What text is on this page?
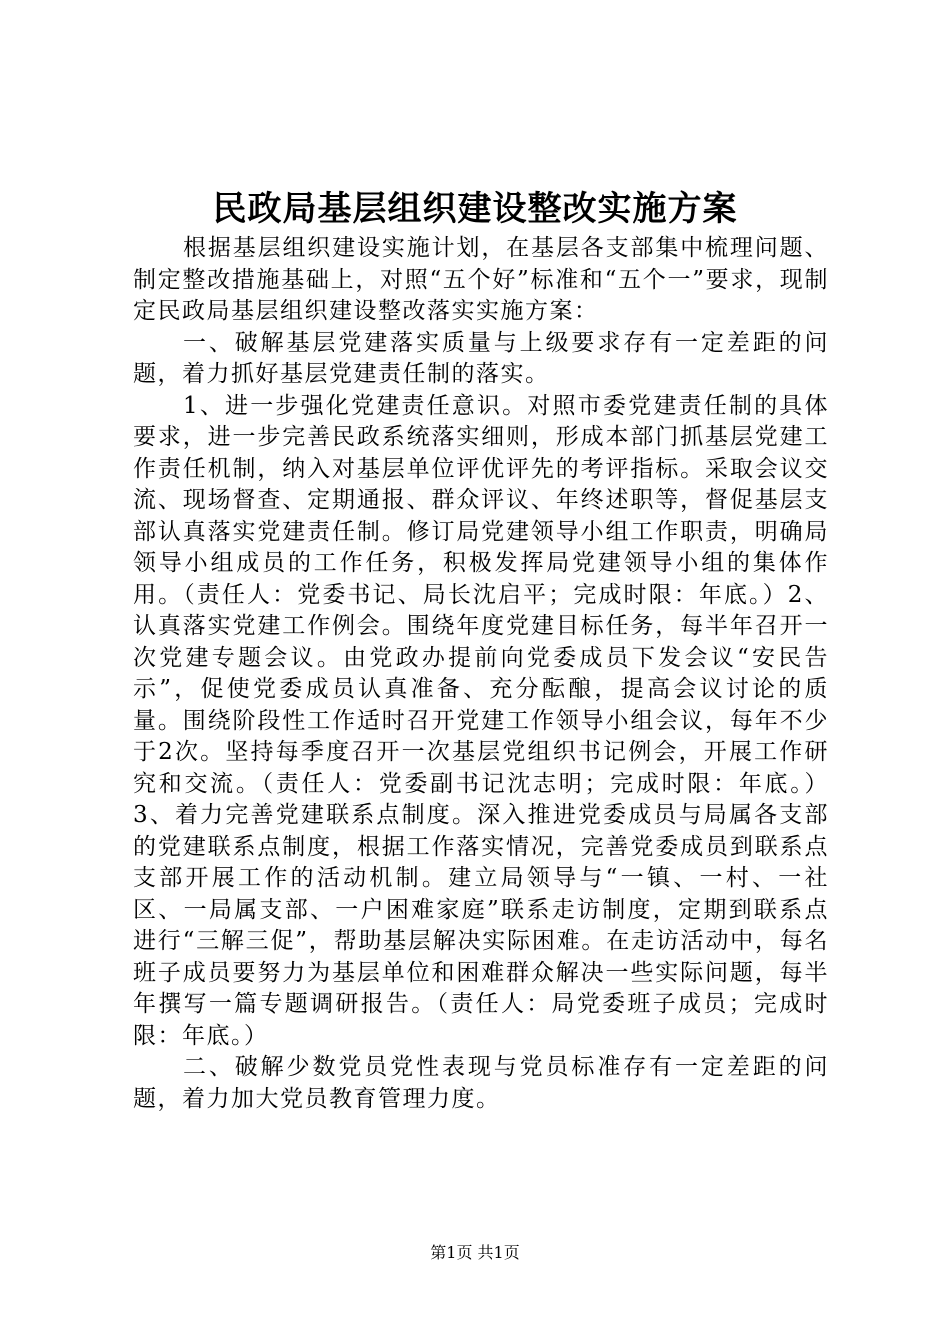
民政局基层组织建设整改实施方案

根据基层组织建设实施计划，在基层各支部集中梳理问题、制定整改措施基础上，对照“五个好”标准和“五个一”要求，现制定民政局基层组织建设整改落实实施方案：

一、破解基层党建落实质量与上级要求存有一定差距的问题，着力抓好基层党建责任制的落实。

1、进一步强化党建责任意识。对照市委党建责任制的具体要求，进一步完善民政系统落实细则，形成本部门抓基层党建工作责任机制，纳入对基层单位评优评先的考评指标。采取会议交流、现场督查、定期通报、群众评议、年终述职等，督促基层支部认真落实党建责任制。修订局党建领导小组工作职责，明确局领导小组成员的工作任务，积极发挥局党建领导小组的集体作用。（责任人：党委书记、局长沈启平；完成时限：年底。）2、认真落实党建工作例会。围绕年度党建目标任务，每半年召开一次党建专题会议。由党政办提前向党委成员下发会议“安民告示”，促使党委成员认真准备、充分酝酿，提高会议讨论的质量。围绕阶段性工作适时召开党建工作领导小组会议，每年不少于2次。坚持每季度召开一次基层党组织书记例会，开展工作研究和交流。（责任人：党委副书记沈志明；完成时限：年底。）3、着力完善党建联系点制度。深入推进党委成员与局属各支部的党建联系点制度，根据工作落实情况，完善党委成员到联系点支部开展工作的活动机制。建立局领导与“一镇、一村、一社区、一局属支部、一户困难家庭”联系走访制度，定期到联系点进行“三解三促”，帮助基层解决实际困难。在走访活动中，每名班子成员要努力为基层单位和困难群众解决一些实际问题，每半年撰写一篇专题调研报告。（责任人：局党委班子成员；完成时限：年底。）

二、破解少数党员党性表现与党员标准存有一定差距的问题，着力加大党员教育管理力度。

第1页 共1页
